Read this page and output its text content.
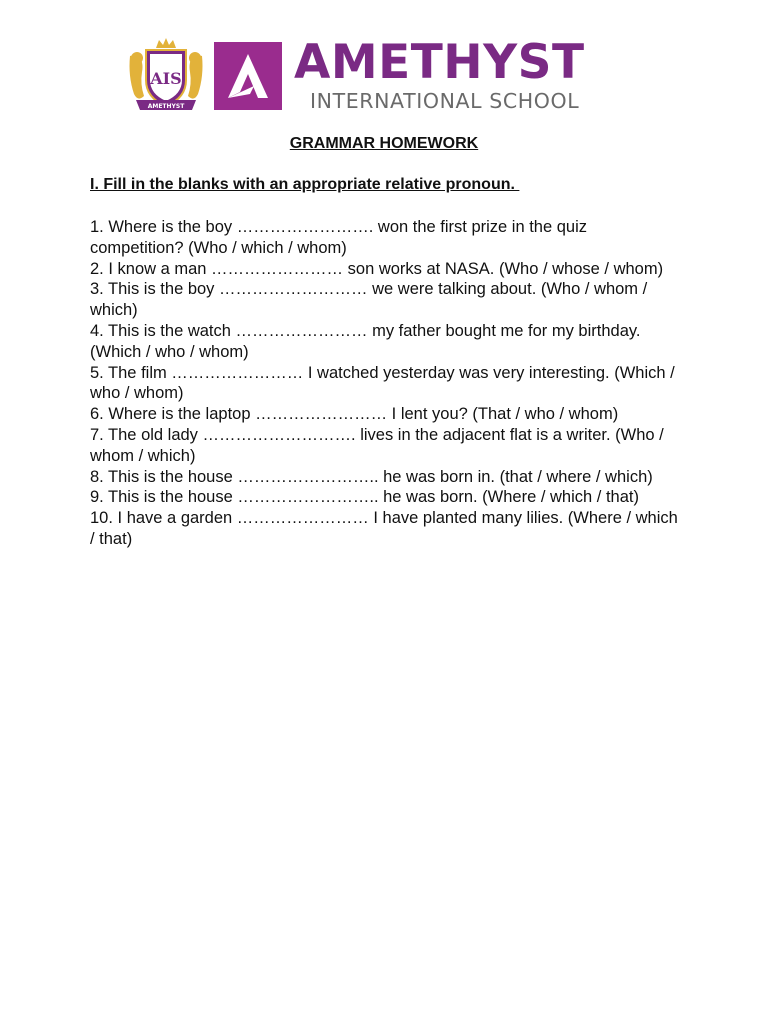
AIS
AMETHYST
AMETHYST
INTERNATIONAL SCHOOL
GRAMMAR HOMEWORK
I. Fill in the blanks with an appropriate relative pronoun.
1. Where is the boy ……………………. won the first prize in the quiz competition? (Who / which / whom)
2. I know a man …………………… son works at NASA. (Who / whose / whom)
3. This is the boy ……………………… we were talking about. (Who / whom / which)
4. This is the watch …………………… my father bought me for my birthday. (Which / who / whom)
5. The film …………………… I watched yesterday was very interesting. (Which / who / whom)
6. Where is the laptop …………………… I lent you? (That / who / whom)
7. The old lady ………………………. lives in the adjacent flat is a writer. (Who / whom / which)
8. This is the house …………………….. he was born in. (that / where / which)
9. This is the house …………………….. he was born. (Where / which / that)
10. I have a garden …………………… I have planted many lilies. (Where / which / that)
